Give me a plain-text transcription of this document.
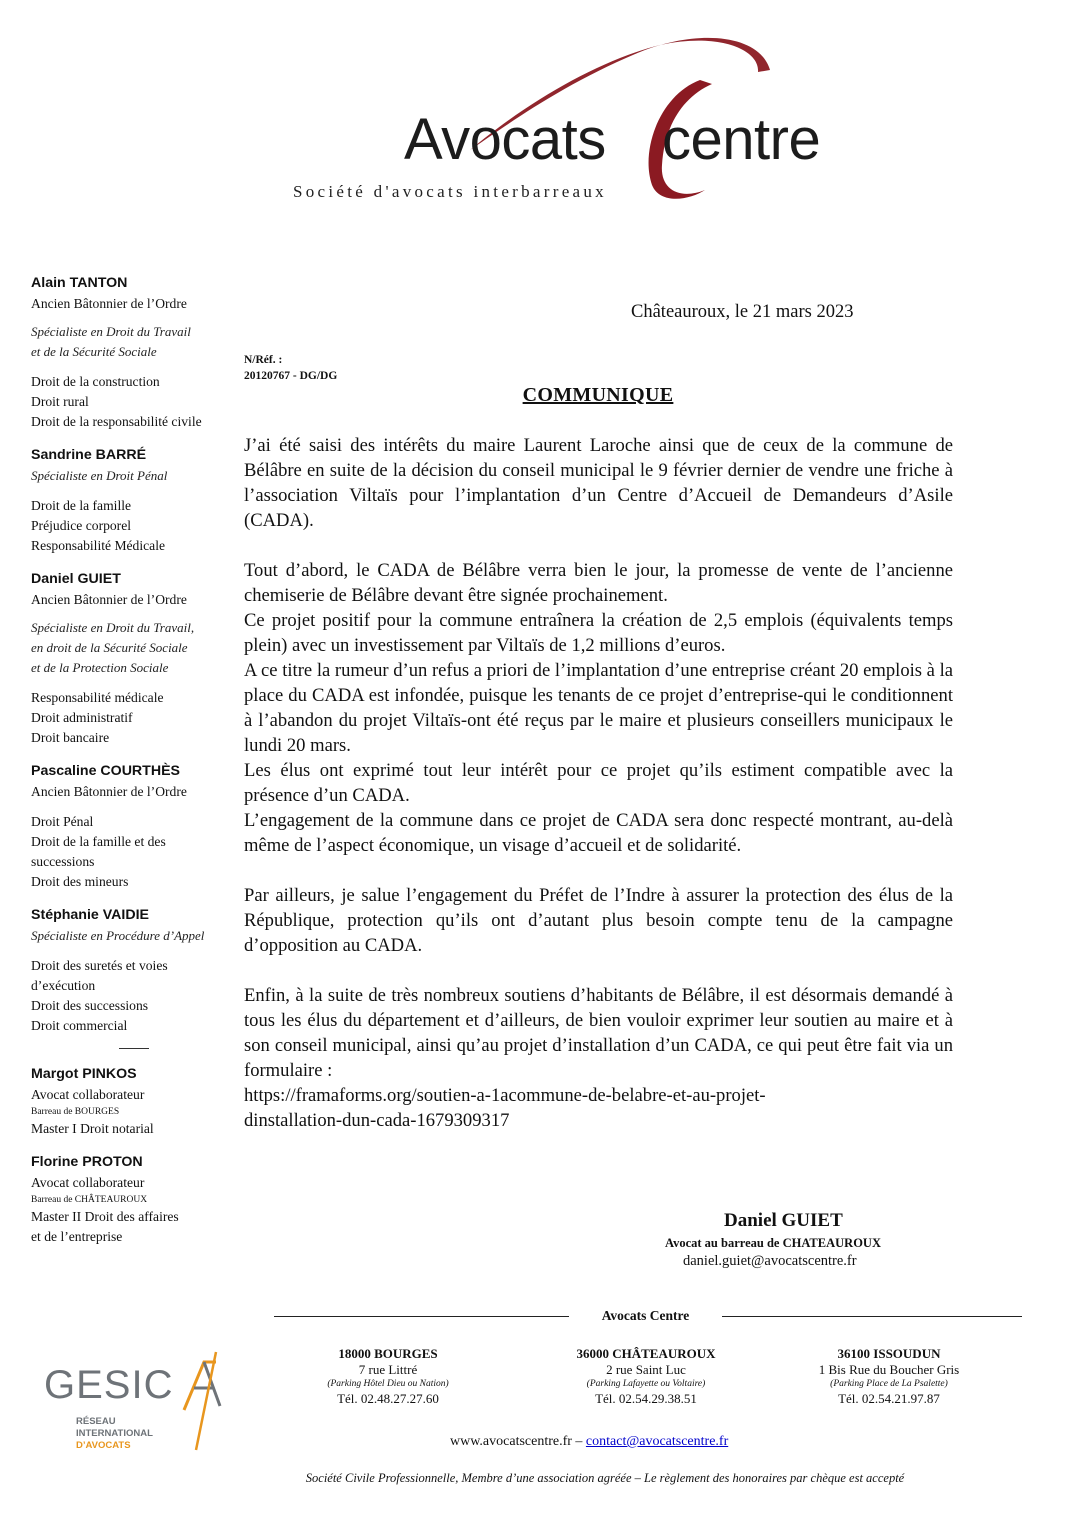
Avocats centre
Société d'avocats interbarreaux
Alain TANTON
Ancien Bâtonnier de l’Ordre
Spécialiste en Droit du Travail
et de la Sécurité Sociale
Droit de la construction
Droit rural
Droit de la responsabilité civile
Sandrine BARRÉ
Spécialiste en Droit Pénal
Droit de la famille
Préjudice corporel
Responsabilité Médicale
Daniel GUIET
Ancien Bâtonnier de l’Ordre
Spécialiste en Droit du Travail,
en droit de la Sécurité Sociale
et de la Protection Sociale
Responsabilité médicale
Droit administratif
Droit bancaire
Pascaline COURTHÈS
Ancien Bâtonnier de l’Ordre
Droit Pénal
Droit de la famille et des
successions
Droit des mineurs
Stéphanie VAIDIE
Spécialiste en Procédure d’Appel
Droit des suretés et voies
d’exécution
Droit des successions
Droit commercial
Margot PINKOS
Avocat collaborateur
Barreau de BOURGES
Master I Droit notarial
Florine PROTON
Avocat collaborateur
Barreau de CHÂTEAUROUX
Master II Droit des affaires
et de l’entreprise
Châteauroux, le 21 mars 2023
N/Réf. :
20120767 - DG/DG
COMMUNIQUE

J’ai été saisi des intérêts du maire Laurent Laroche ainsi que de ceux de la commune de Bélâbre en suite de la décision du conseil municipal le 9 février dernier de vendre une friche à l’association Viltaïs pour l’implantation d’un Centre d’Accueil de Demandeurs d’Asile (CADA).

Tout d’abord, le CADA de Bélâbre verra bien le jour, la promesse de vente de l’ancienne chemiserie de Bélâbre devant être signée prochainement.

Ce projet positif pour la commune entraînera la création de 2,5 emplois (équivalents temps plein) avec un investissement par Viltaïs de 1,2 millions d’euros.

A ce titre la rumeur d’un refus a priori de l’implantation d’une entreprise créant 20 emplois à la place du CADA est infondée, puisque les tenants de ce projet d’entreprise-qui le conditionnent à l’abandon du projet Viltaïs-ont été reçus par le maire et plusieurs conseillers municipaux le lundi 20 mars.

Les élus ont exprimé tout leur intérêt pour ce projet qu’ils estiment compatible avec la présence d’un CADA.

L’engagement de la commune dans ce projet de CADA sera donc respecté montrant, au-delà même de l’aspect économique, un visage d’accueil et de solidarité.

Par ailleurs, je salue l’engagement du Préfet de l’Indre à assurer la protection des élus de la République, protection qu’ils ont d’autant plus besoin compte tenu de la campagne d’opposition au CADA.

Enfin, à la suite de très nombreux soutiens d’habitants de Bélâbre, il est désormais demandé à tous les élus du département et d’ailleurs, de bien vouloir exprimer leur soutien au maire et à son conseil municipal, ainsi qu’au projet d’installation d’un CADA, ce qui peut être fait via un formulaire :

https://framaforms.org/soutien-a-1acommune-de-belabre-et-au-projet-

dinstallation-dun-cada-1679309317

Daniel GUIET
Avocat au barreau de CHATEAUROUX
daniel.guiet@avocatscentre.fr
Avocats Centre
18000 BOURGES
7 rue Littré
(Parking Hôtel Dieu ou Nation)
Tél. 02.48.27.27.60
36000 CHÂTEAUROUX
2 rue Saint Luc
(Parking Lafayette ou Voltaire)
Tél. 02.54.29.38.51
36100 ISSOUDUN
1 Bis Rue du Boucher Gris
(Parking Place de La Psalette)
Tél. 02.54.21.97.87
www.avocatscentre.fr – contact@avocatscentre.fr
Société Civile Professionnelle, Membre d’une association agréée – Le règlement des honoraires par chèque est accepté
GESIC
RÉSEAU
INTERNATIONAL
D’AVOCATS
